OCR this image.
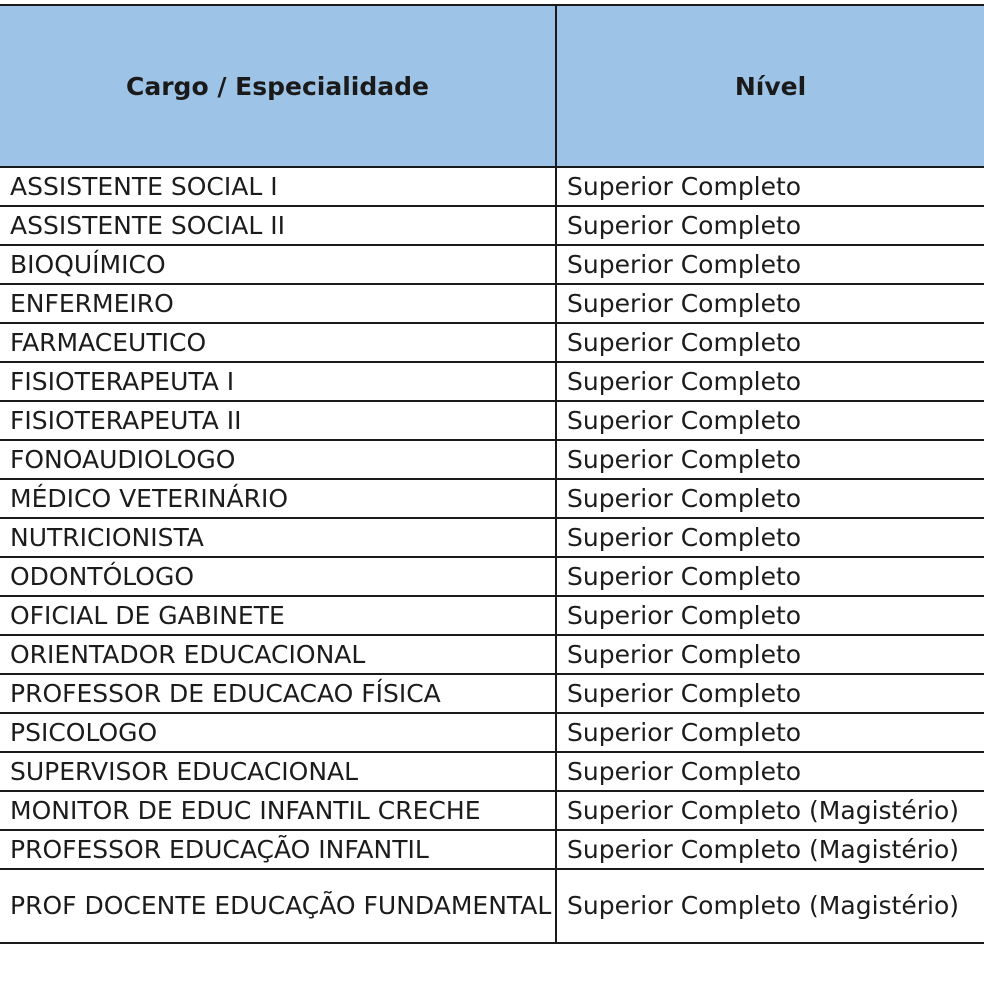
Cargo / Especialidade	Nível
ASSISTENTE SOCIAL I	Superior Completo
ASSISTENTE SOCIAL II	Superior Completo
BIOQUÍMICO	Superior Completo
ENFERMEIRO	Superior Completo
FARMACEUTICO	Superior Completo
FISIOTERAPEUTA I	Superior Completo
FISIOTERAPEUTA II	Superior Completo
FONOAUDIOLOGO	Superior Completo
MÉDICO VETERINÁRIO	Superior Completo
NUTRICIONISTA	Superior Completo
ODONTÓLOGO	Superior Completo
OFICIAL DE GABINETE	Superior Completo
ORIENTADOR EDUCACIONAL	Superior Completo
PROFESSOR DE EDUCACAO FÍSICA	Superior Completo
PSICOLOGO	Superior Completo
SUPERVISOR EDUCACIONAL	Superior Completo
MONITOR DE EDUC INFANTIL CRECHE	Superior Completo (Magistério)
PROFESSOR EDUCAÇÃO INFANTIL	Superior Completo (Magistério)
PROF DOCENTE EDUCAÇÃO FUNDAMENTAL	Superior Completo (Magistério)
